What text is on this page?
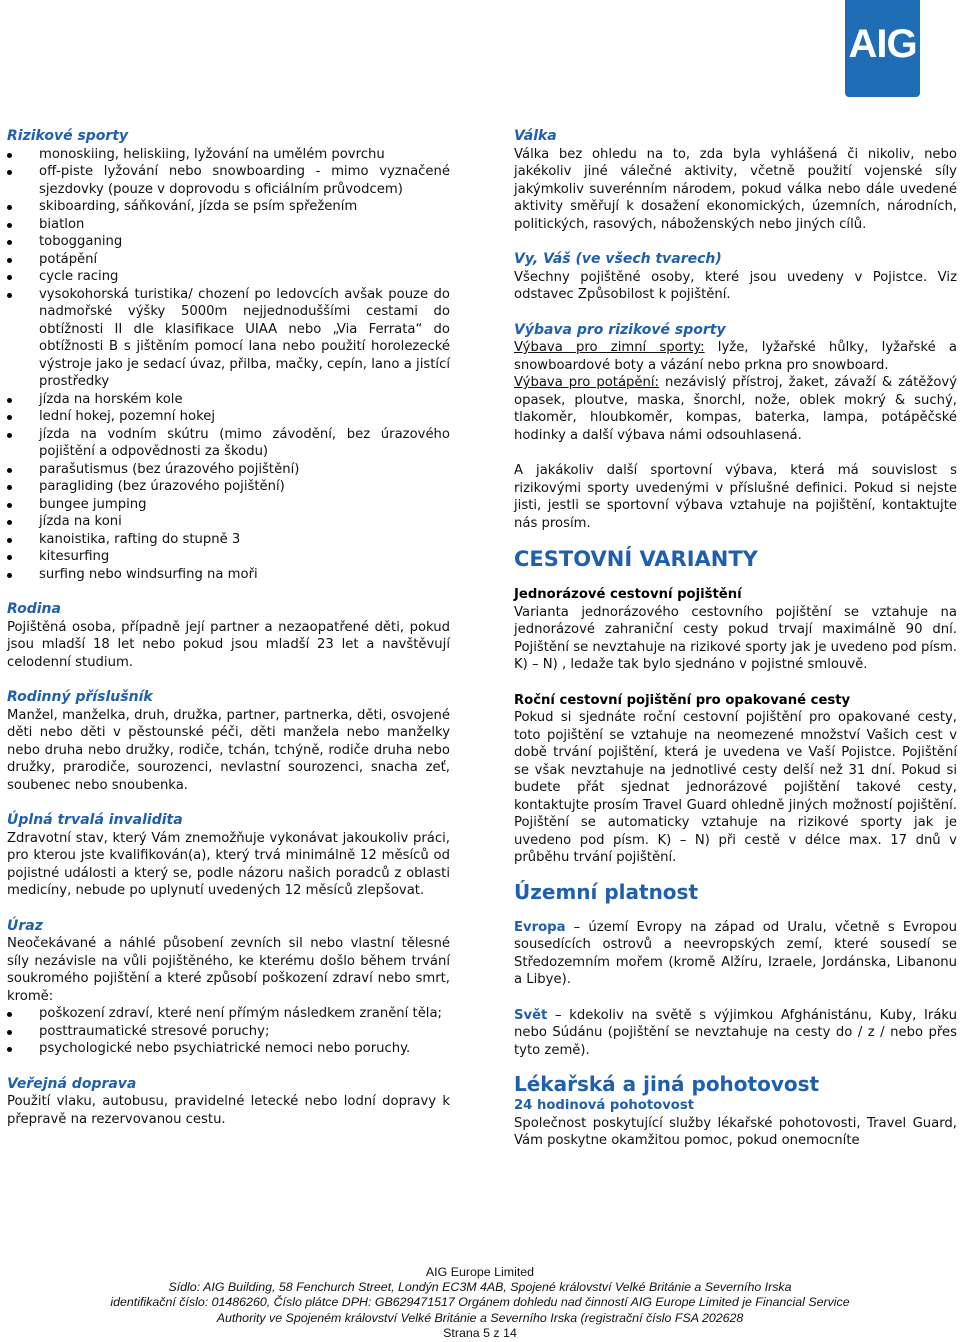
AIG

Rizikové sporty

monoskiing, heliskiing, lyžování na umělém povrchu
off-piste lyžování nebo snowboarding - mimo vyznačené sjezdovky (pouze v doprovodu s oficiálním průvodcem)
skiboarding, sáňkování, jízda se psím spřežením
biatlon
tobogganing
potápění
cycle racing
vysokohorská turistika/ chození po ledovcích avšak pouze do nadmořské výšky 5000m nejjednoduššími cestami do obtížnosti II dle klasifikace UIAA nebo „Via Ferrata“ do obtížnosti B s jištěním pomocí lana nebo použití horolezecké výstroje jako je sedací úvaz, přilba, mačky, cepín, lano a jistící prostředky
jízda na horském kole
lední hokej, pozemní hokej
jízda na vodním skútru (mimo závodění, bez úrazového pojištění a odpovědnosti za škodu)
parašutismus (bez úrazového pojištění)
paragliding (bez úrazového pojištění)
bungee jumping
jízda na koni
kanoistika, rafting do stupně 3
kitesurfing
surfing nebo windsurfing na moři

Rodina

Pojištěná osoba, případně její partner a nezaopatřené děti, pokud jsou mladší 18 let nebo pokud jsou mladší 23 let a navštěvují celodenní studium.

Rodinný příslušník

Manžel, manželka, druh, družka, partner, partnerka, děti, osvojené děti nebo děti v pěstounské péči, děti manžela nebo manželky nebo druha nebo družky, rodiče, tchán, tchýně, rodiče druha nebo družky, prarodiče, sourozenci, nevlastní sourozenci, snacha zeť, soubenec nebo snoubenka.

Úplná trvalá invalidita

Zdravotní stav, který Vám znemožňuje vykonávat jakoukoliv práci, pro kterou jste kvalifikován(a), který trvá minimálně 12 měsíců od pojistné události a který se, podle názoru našich poradců z oblasti medicíny, nebude po uplynutí uvedených 12 měsíců zlepšovat.

Úraz

Neočekávané a náhlé působení zevních sil nebo vlastní tělesné síly nezávisle na vůli pojištěného, ke kterému došlo během trvání soukromého pojištění a které způsobí poškození zdraví nebo smrt, kromě:

poškození zdraví, které není přímým následkem zranění těla;
posttraumatické stresové poruchy;
psychologické nebo psychiatrické nemoci nebo poruchy.

Veřejná doprava

Použití vlaku, autobusu, pravidelné letecké nebo lodní dopravy k přepravě na rezervovanou cestu.

Válka

Válka bez ohledu na to, zda byla vyhlášená či nikoliv, nebo jakékoliv jiné válečné aktivity, včetně použití vojenské síly jakýmkoliv suverénním národem, pokud válka nebo dále uvedené aktivity směřují k dosažení ekonomických, územních, národních, politických, rasových, náboženských nebo jiných cílů.

Vy, Váš (ve všech tvarech)

Všechny pojištěné osoby, které jsou uvedeny v Pojistce. Viz odstavec Způsobilost k pojištění.

Výbava pro rizikové sporty

Výbava pro zimní sporty: lyže, lyžařské hůlky, lyžařské a snowboardové boty a vázání nebo prkna pro snowboard.

Výbava pro potápění: nezávislý přístroj, žaket, závaží & zátěžový opasek, ploutve, maska, šnorchl, nože, oblek mokrý & suchý, tlakoměr, hloubkoměr, kompas, baterka, lampa, potápěčské hodinky a další výbava námi odsouhlasená.

A jakákoliv další sportovní výbava, která má souvislost s rizikovými sporty uvedenými v příslušné definici. Pokud si nejste jisti, jestli se sportovní výbava vztahuje na pojištění, kontaktujte nás prosím.

CESTOVNÍ VARIANTY

Jednorázové cestovní pojištění

Varianta jednorázového cestovního pojištění se vztahuje na jednorázové zahraniční cesty pokud trvají maximálně 90 dní. Pojištění se nevztahuje na rizikové sporty jak je uvedeno pod písm. K) – N) , ledaže tak bylo sjednáno v pojistné smlouvě.

Roční cestovní pojištění pro opakované cesty

Pokud si sjednáte roční cestovní pojištění pro opakované cesty, toto pojištění se vztahuje na neomezené množství Vašich cest v době trvání pojištění, která je uvedena ve Vaší Pojistce. Pojištění se však nevztahuje na jednotlivé cesty delší než 31 dní. Pokud si budete přát sjednat jednorázové pojištění takové cesty, kontaktujte prosím Travel Guard ohledně jiných možností pojištění. Pojištění se automaticky vztahuje na rizikové sporty jak je uvedeno pod písm. K) – N) při cestě v délce max. 17 dnů v průběhu trvání pojištění.

Územní platnost

Evropa – území Evropy na západ od Uralu, včetně s Evropou sousedících ostrovů a neevropských zemí, které sousedí se Středozemním mořem (kromě Alžíru, Izraele, Jordánska, Libanonu a Libye).

Svět – kdekoliv na světě s výjimkou Afghánistánu, Kuby, Iráku nebo Súdánu (pojištění se nevztahuje na cesty do / z / nebo přes tyto země).

Lékařská a jiná pohotovost

24 hodinová pohotovost

Společnost poskytující služby lékařské pohotovosti, Travel Guard, Vám poskytne okamžitou pomoc, pokud onemocníte

AIG Europe Limited
Sídlo: AIG Building, 58 Fenchurch Street, Londýn EC3M 4AB, Spojené království Velké Británie a Severního Irska
identifikační číslo: 01486260, Číslo plátce DPH: GB629471517 Orgánem dohledu nad činností AIG Europe Limited je Financial Service
Authority ve Spojeném království Velké Británie a Severního Irska (registrační číslo FSA 202628
Strana 5 z 14
